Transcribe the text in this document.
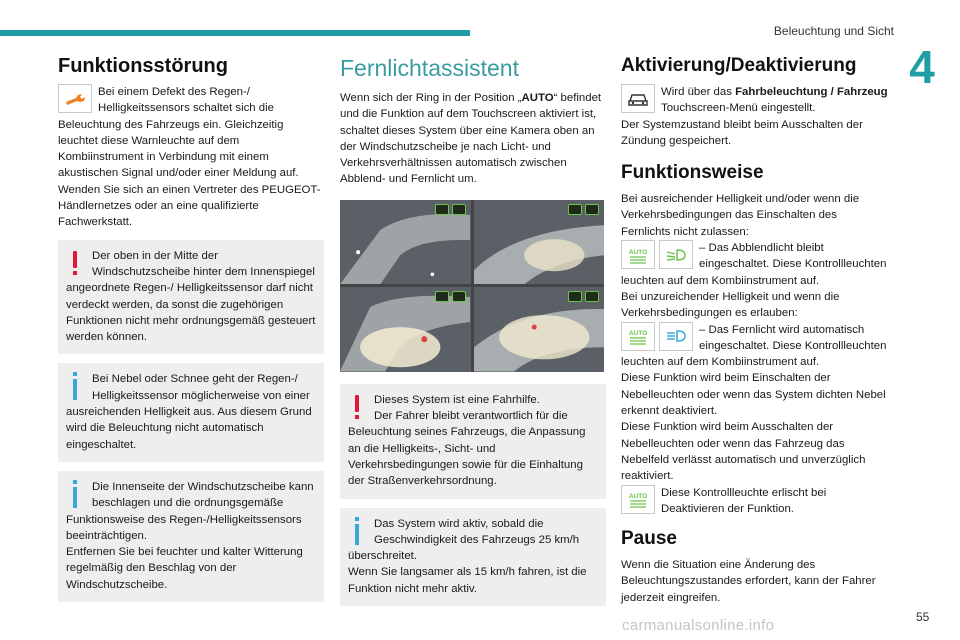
Beleuchtung und Sicht
4
Funktionsstörung

Bei einem Defekt des Regen-/ Helligkeitssensors schaltet sich die Beleuchtung des Fahrzeugs ein. Gleichzeitig leuchtet diese Warnleuchte auf dem Kombiinstrument in Verbindung mit einem akustischen Signal und/oder einer Meldung auf.

Wenden Sie sich an einen Vertreter des PEUGEOT-Händlernetzes oder an eine qualifizierte Fachwerkstatt.

Der oben in der Mitte der Windschutzscheibe hinter dem Innenspiegel angeordnete Regen-/ Helligkeitssensor darf nicht verdeckt werden, da sonst die zugehörigen Funktionen nicht mehr ordnungsgemäß gesteuert werden können.

Bei Nebel oder Schnee geht der Regen-/ Helligkeitssensor möglicherweise von einer ausreichenden Helligkeit aus. Aus diesem Grund wird die Beleuchtung nicht automatisch eingeschaltet.

Die Innenseite der Windschutzscheibe kann beschlagen und die ordnungsgemäße Funktionsweise des Regen-/Helligkeitssensors beeinträchtigen.

Entfernen Sie bei feuchter und kalter Witterung regelmäßig den Beschlag von der Windschutzscheibe.

Fernlichtassistent

Wenn sich der Ring in der Position „AUTO“ befindet und die Funktion auf dem Touchscreen aktiviert ist, schaltet dieses System über eine Kamera oben an der Windschutzscheibe je nach Licht- und Verkehrsverhältnissen automatisch zwischen Abblend- und Fernlicht um.

Dieses System ist eine Fahrhilfe.

Der Fahrer bleibt verantwortlich für die Beleuchtung seines Fahrzeugs, die Anpassung an die Helligkeits-, Sicht- und Verkehrsbedingungen sowie für die Einhaltung der Straßenverkehrsordnung.

Das System wird aktiv, sobald die Geschwindigkeit des Fahrzeugs 25 km/h überschreitet.

Wenn Sie langsamer als 15 km/h fahren, ist die Funktion nicht mehr aktiv.

Aktivierung/Deaktivierung

Wird über das Fahrbeleuchtung / Fahrzeug Touchscreen-Menü eingestellt.

Der Systemzustand bleibt beim Ausschalten der Zündung gespeichert.

Funktionsweise

Bei ausreichender Helligkeit und/oder wenn die Verkehrsbedingungen das Einschalten des Fernlichts nicht zulassen:

AUTO	– Das Abblendlicht bleibt eingeschaltet. Diese Kontrollleuchten leuchten auf dem Kombiinstrument auf.

Bei unzureichender Helligkeit und wenn die Verkehrsbedingungen es erlauben:

AUTO	– Das Fernlicht wird automatisch eingeschaltet. Diese Kontrollleuchten leuchten auf dem Kombiinstrument auf.

Diese Funktion wird beim Einschalten der Nebelleuchten oder wenn das System dichten Nebel erkennt deaktiviert.

Diese Funktion wird beim Ausschalten der Nebelleuchten oder wenn das Fahrzeug das Nebelfeld verlässt automatisch und unverzüglich reaktiviert.

AUTO	Diese Kontrollleuchte erlischt bei Deaktivieren der Funktion.

Pause

Wenn die Situation eine Änderung des Beleuchtungszustandes erfordert, kann der Fahrer jederzeit eingreifen.

carmanualsonline.info	55
